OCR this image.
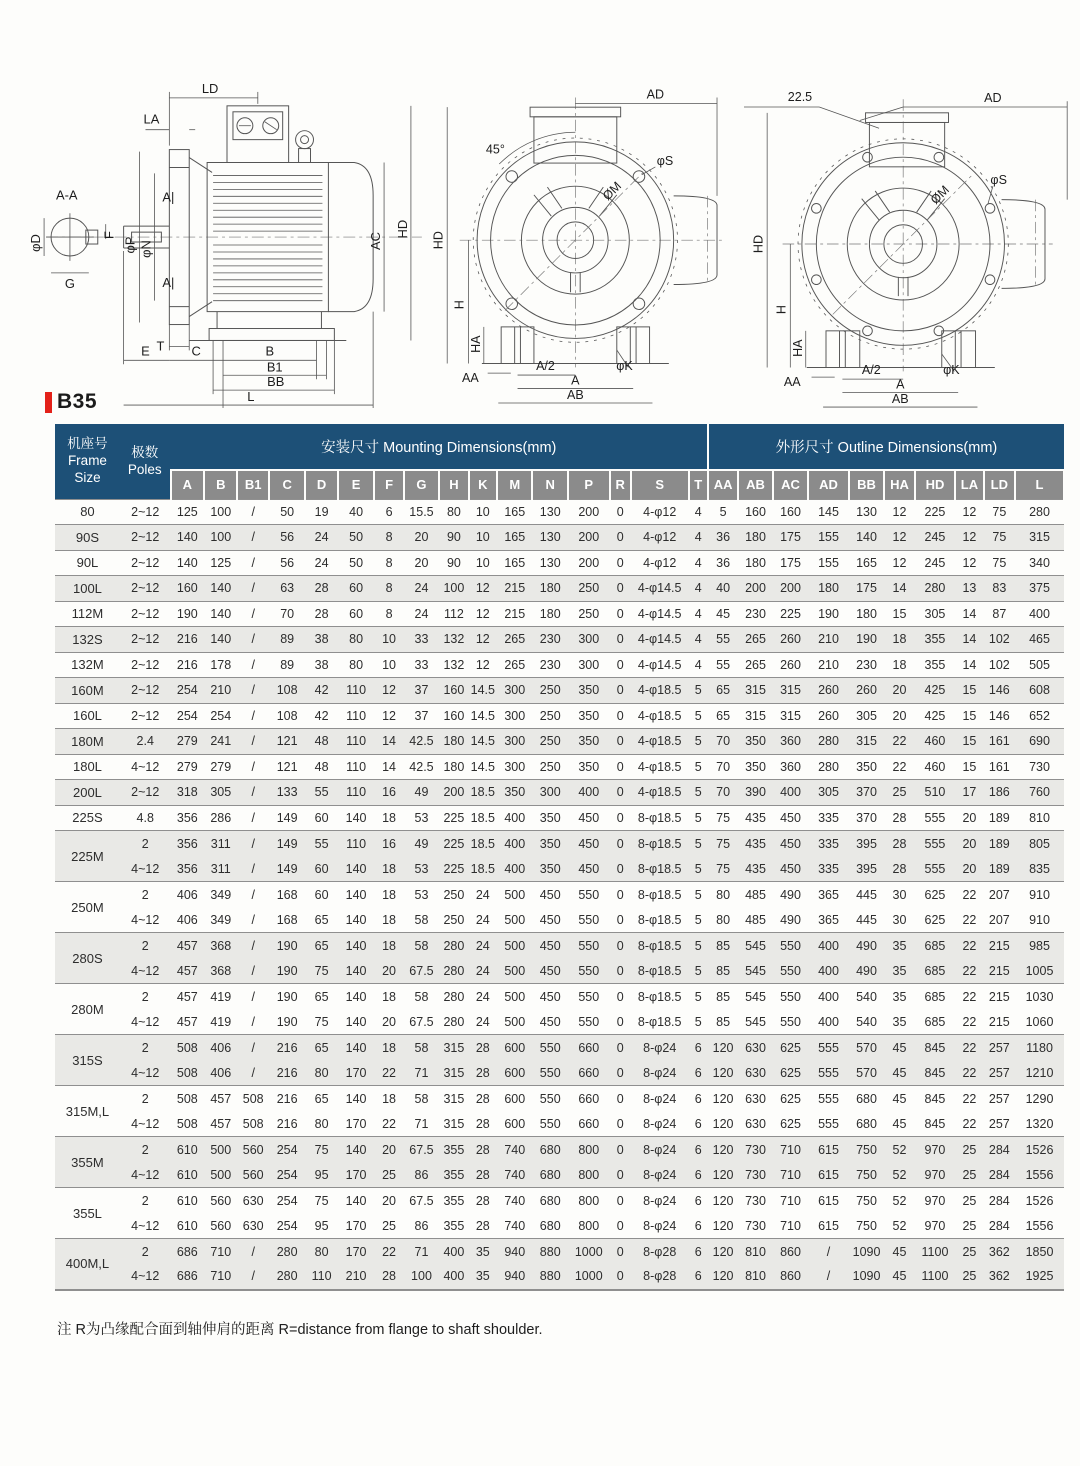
A-A
φD	F
G
LD
LA
φP φN
A|
A|
T
E	C	B
B1
BB
L
AC
HD
ØM
45°
φS
AD
HD
H
HA
AA
A/2	φK
A
AB
ØM
22.5
φS
AD
HD
H
HA
AA
A/2	φK
A
AB
B35
机座号
Frame
Size

极数
Poles
	安装尺寸 Mounting Dimensions(mm)	外形尺寸 Outline Dimensions(mm)
		A	B	B1	C	D	E	F	G	H	K	M	N	P	R	S	T	AA	AB	AC	AD	BB	HA	HD	LA	LD	L
80	2~12	125	100	/	50	19	40	6	15.5	80	10	165	130	200	0	4-φ12	4	5	160	160	145	130	12	225	12	75	280
90S	2~12	140	100	/	56	24	50	8	20	90	10	165	130	200	0	4-φ12	4	36	180	175	155	140	12	245	12	75	315
90L	2~12	140	125	/	56	24	50	8	20	90	10	165	130	200	0	4-φ12	4	36	180	175	155	165	12	245	12	75	340
100L	2~12	160	140	/	63	28	60	8	24	100	12	215	180	250	0	4-φ14.5	4	40	200	200	180	175	14	280	13	83	375
112M	2~12	190	140	/	70	28	60	8	24	112	12	215	180	250	0	4-φ14.5	4	45	230	225	190	180	15	305	14	87	400
132S	2~12	216	140	/	89	38	80	10	33	132	12	265	230	300	0	4-φ14.5	4	55	265	260	210	190	18	355	14	102	465
132M	2~12	216	178	/	89	38	80	10	33	132	12	265	230	300	0	4-φ14.5	4	55	265	260	210	230	18	355	14	102	505
160M	2~12	254	210	/	108	42	110	12	37	160	14.5	300	250	350	0	4-φ18.5	5	65	315	315	260	260	20	425	15	146	608
160L	2~12	254	254	/	108	42	110	12	37	160	14.5	300	250	350	0	4-φ18.5	5	65	315	315	260	305	20	425	15	146	652
180M	2.4	279	241	/	121	48	110	14	42.5	180	14.5	300	250	350	0	4-φ18.5	5	70	350	360	280	315	22	460	15	161	690
180L	4~12	279	279	/	121	48	110	14	42.5	180	14.5	300	250	350	0	4-φ18.5	5	70	350	360	280	350	22	460	15	161	730
200L	2~12	318	305	/	133	55	110	16	49	200	18.5	350	300	400	0	4-φ18.5	5	70	390	400	305	370	25	510	17	186	760
225S	4.8	356	286	/	149	60	140	18	53	225	18.5	400	350	450	0	8-φ18.5	5	75	435	450	335	370	28	555	20	189	810
225M	2	356	311	/	149	55	110	16	49	225	18.5	400	350	450	0	8-φ18.5	5	75	435	450	335	395	28	555	20	189	805
	4~12	356	311	/	149	60	140	18	53	225	18.5	400	350	450	0	8-φ18.5	5	75	435	450	335	395	28	555	20	189	835
250M	2	406	349	/	168	60	140	18	53	250	24	500	450	550	0	8-φ18.5	5	80	485	490	365	445	30	625	22	207	910
	4~12	406	349	/	168	65	140	18	58	250	24	500	450	550	0	8-φ18.5	5	80	485	490	365	445	30	625	22	207	910
280S	2	457	368	/	190	65	140	18	58	280	24	500	450	550	0	8-φ18.5	5	85	545	550	400	490	35	685	22	215	985
	4~12	457	368	/	190	75	140	20	67.5	280	24	500	450	550	0	8-φ18.5	5	85	545	550	400	490	35	685	22	215	1005
280M	2	457	419	/	190	65	140	18	58	280	24	500	450	550	0	8-φ18.5	5	85	545	550	400	540	35	685	22	215	1030
	4~12	457	419	/	190	75	140	20	67.5	280	24	500	450	550	0	8-φ18.5	5	85	545	550	400	540	35	685	22	215	1060
315S	2	508	406	/	216	65	140	18	58	315	28	600	550	660	0	8-φ24	6	120	630	625	555	570	45	845	22	257	1180
	4~12	508	406	/	216	80	170	22	71	315	28	600	550	660	0	8-φ24	6	120	630	625	555	570	45	845	22	257	1210
315M,L	2	508	457	508	216	65	140	18	58	315	28	600	550	660	0	8-φ24	6	120	630	625	555	680	45	845	22	257	1290
	4~12	508	457	508	216	80	170	22	71	315	28	600	550	660	0	8-φ24	6	120	630	625	555	680	45	845	22	257	1320
355M	2	610	500	560	254	75	140	20	67.5	355	28	740	680	800	0	8-φ24	6	120	730	710	615	750	52	970	25	284	1526
	4~12	610	500	560	254	95	170	25	86	355	28	740	680	800	0	8-φ24	6	120	730	710	615	750	52	970	25	284	1556
355L	2	610	560	630	254	75	140	20	67.5	355	28	740	680	800	0	8-φ24	6	120	730	710	615	750	52	970	25	284	1526
	4~12	610	560	630	254	95	170	25	86	355	28	740	680	800	0	8-φ24	6	120	730	710	615	750	52	970	25	284	1556
400M,L	2	686	710	/	280	80	170	22	71	400	35	940	880	1000	0	8-φ28	6	120	810	860	/	1090	45	1100	25	362	1850
	4~12	686	710	/	280	110	210	28	100	400	35	940	880	1000	0	8-φ28	6	120	810	860	/	1090	45	1100	25	362	1925
注 R为凸缘配合面到轴伸肩的距离 R=distance from flange to shaft shoulder.
